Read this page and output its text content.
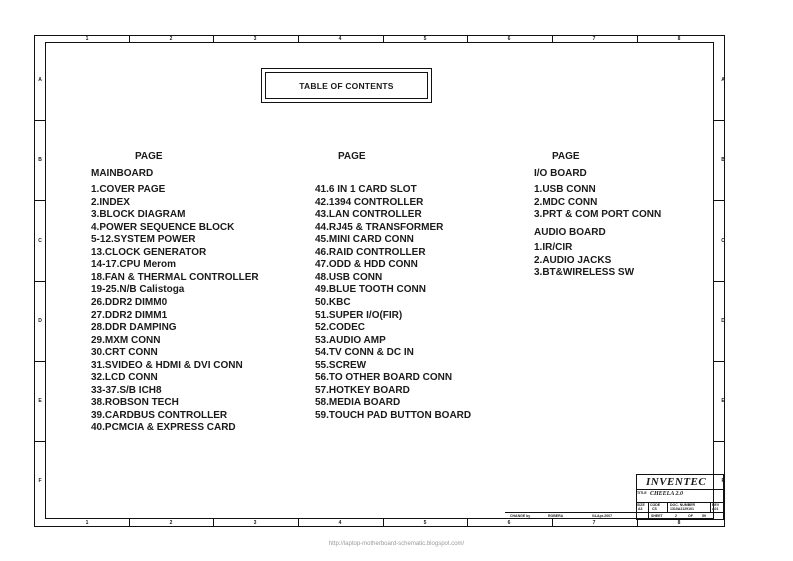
1
1
2
2
3
3
4
4
5
5
6
6
7
7
8
8
A	A
B	B
C	C
D	D
E	E
F	F
TABLE OF CONTENTS
PAGE
MAINBOARD
1.COVER PAGE
2.INDEX
3.BLOCK DIAGRAM
4.POWER SEQUENCE BLOCK
5-12.SYSTEM POWER
13.CLOCK GENERATOR
14-17.CPU Merom
18.FAN & THERMAL CONTROLLER
19-25.N/B Calistoga
26.DDR2 DIMM0
27.DDR2 DIMM1
28.DDR DAMPING
29.MXM CONN
30.CRT CONN
31.SVIDEO & HDMI & DVI CONN
32.LCD CONN
33-37.S/B ICH8
38.ROBSON TECH
39.CARDBUS CONTROLLER
40.PCMCIA & EXPRESS CARD
PAGE
41.6 IN 1 CARD SLOT
42.1394 CONTROLLER
43.LAN CONTROLLER
44.RJ45 & TRANSFORMER
45.MINI CARD CONN
46.RAID CONTROLLER
47.ODD & HDD CONN
48.USB CONN
49.BLUE TOOTH CONN
50.KBC
51.SUPER I/O(FIR)
52.CODEC
53.AUDIO AMP
54.TV CONN & DC IN
55.SCREW
56.TO OTHER BOARD CONN
57.HOTKEY BOARD
58.MEDIA BOARD
59.TOUCH PAD BUTTON BOARD
PAGE
I/O BOARD
1.USB CONN
2.MDC CONN
3.PRT & COM PORT CONN
AUDIO BOARD
1.IR/CIR
2.AUDIO JACKS
3.BT&WIRELESS SW
INVENTEC
TITLE CHEELA 2.0
SIZE
A3
CODE
CS
DOC. NUMBER
1310A2129101
REV
A01
SHEET	2	OF	59
CHANGE by	ROBERA	04-Apr-2007
http://laptop-motherboard-schematic.blogspot.com/
